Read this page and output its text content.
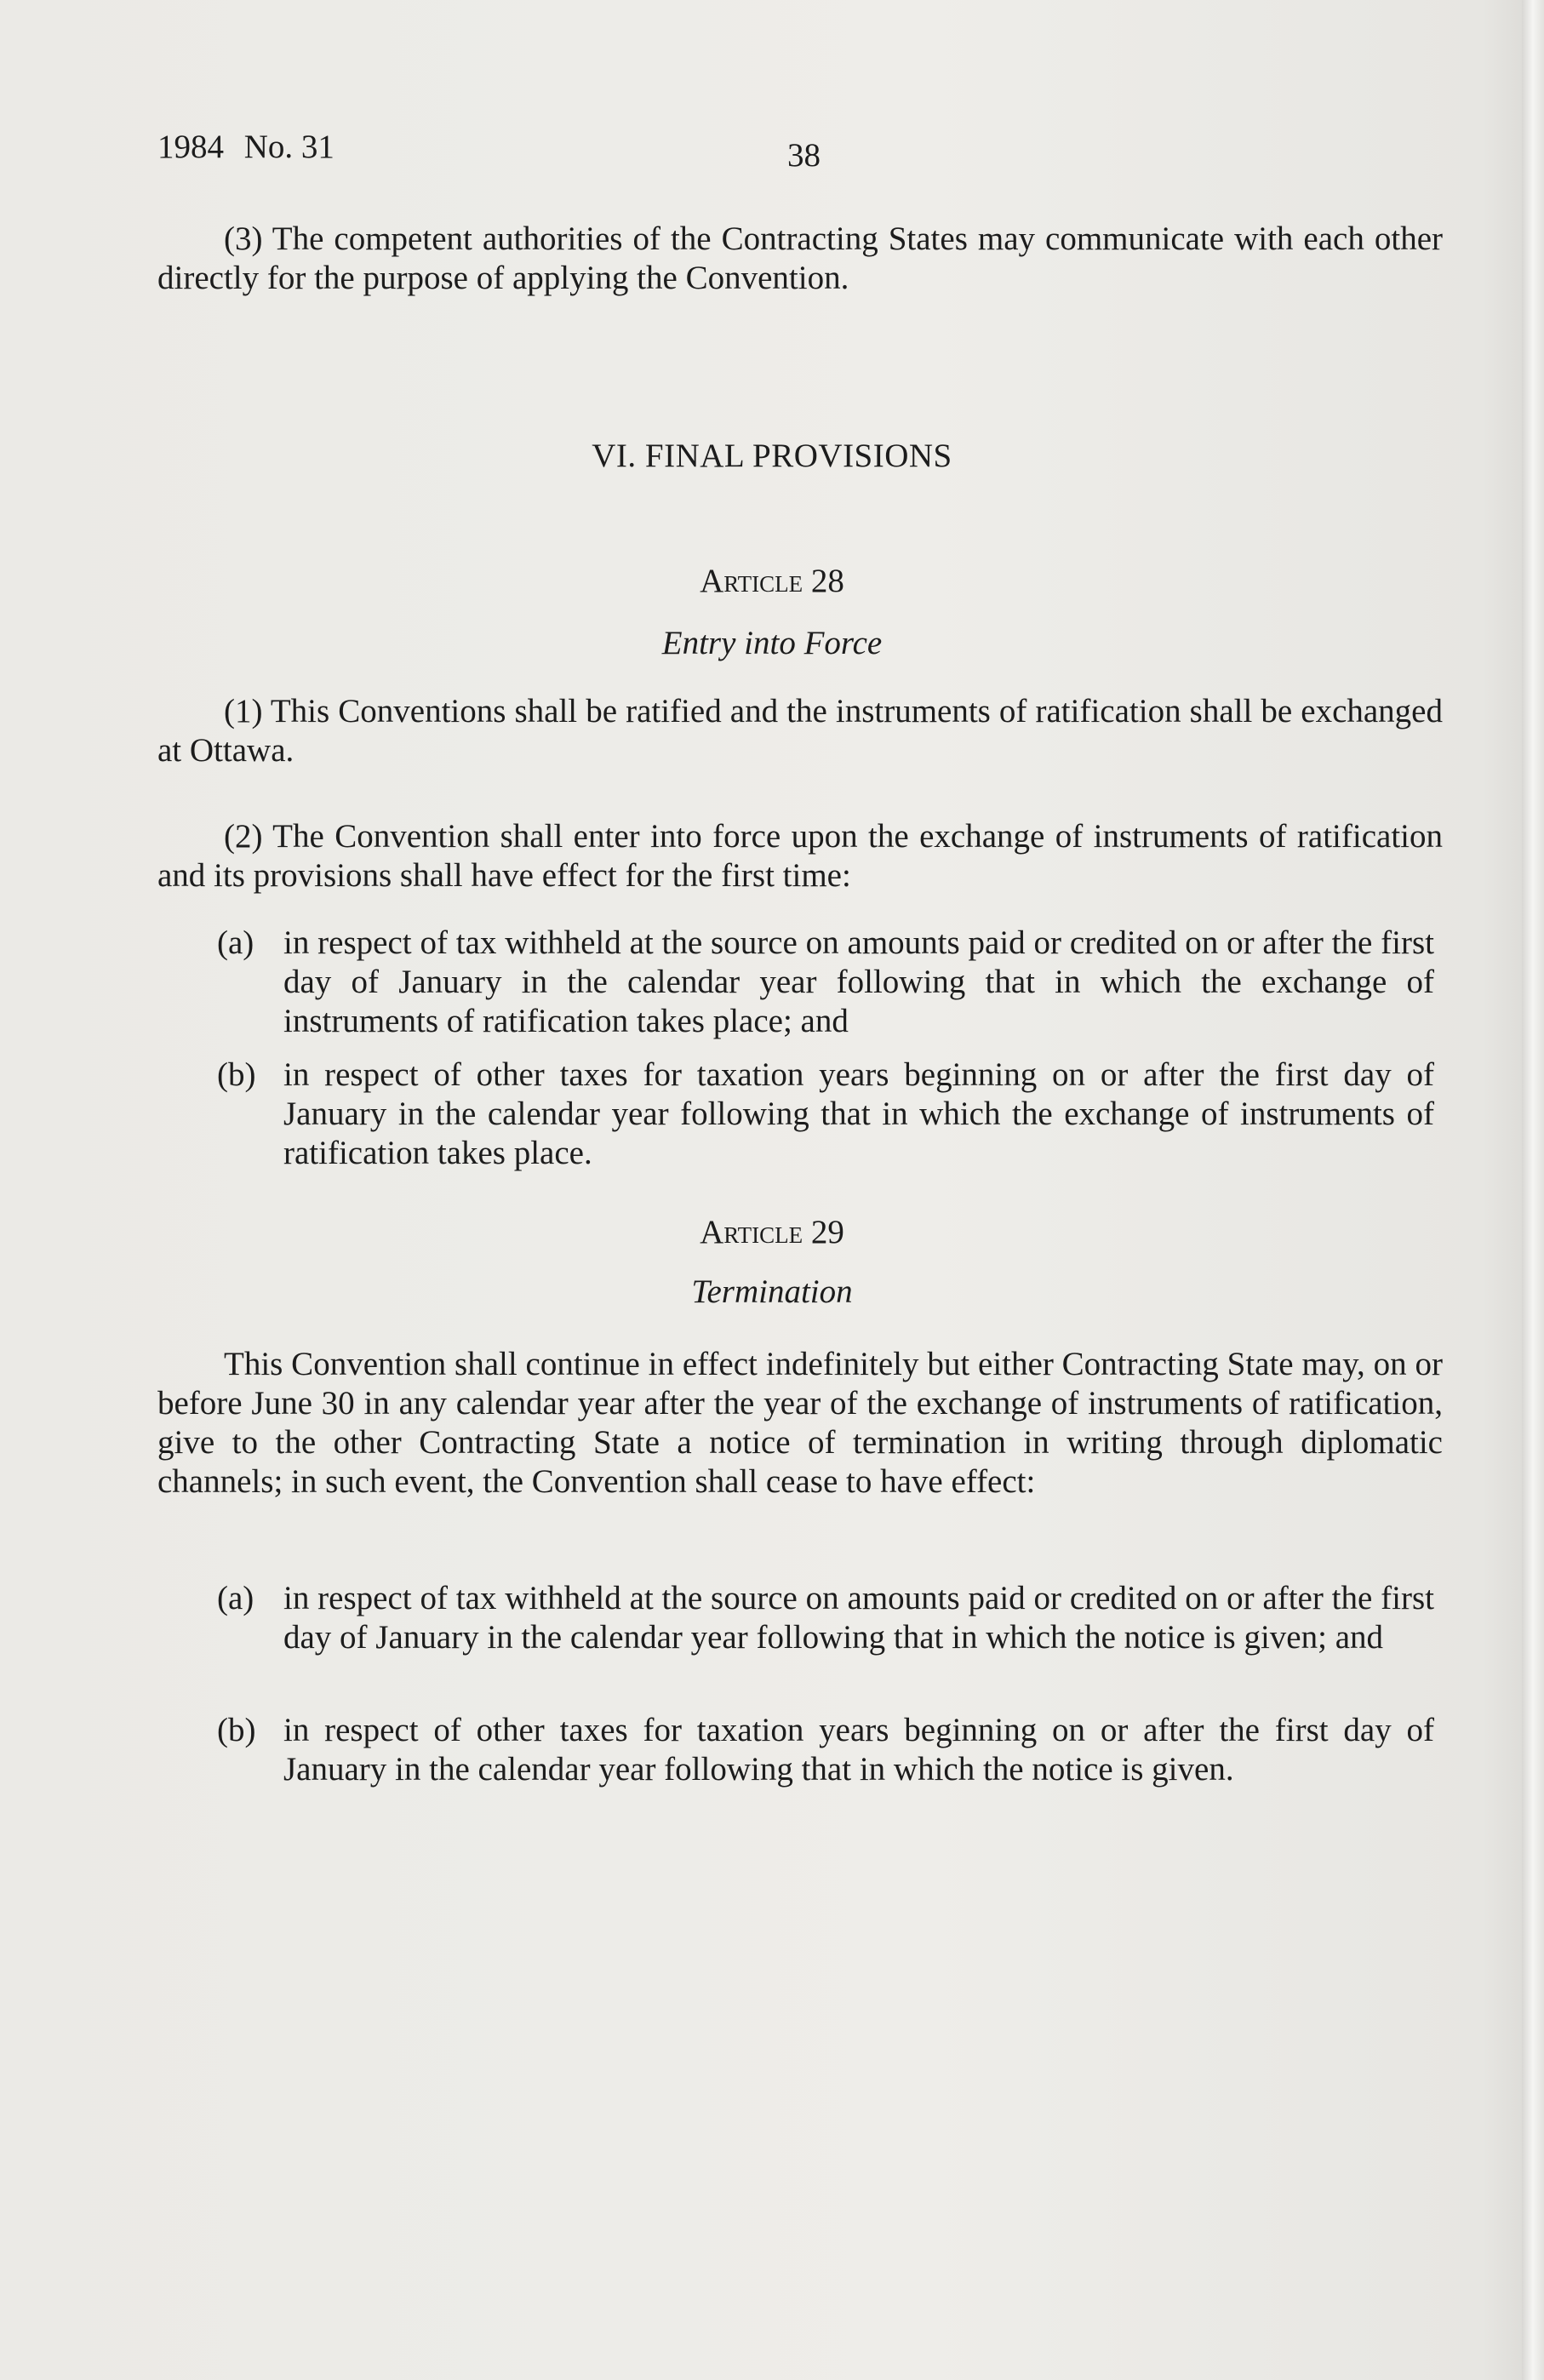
1984 No. 31	38

(3) The competent authorities of the Contracting States may communicate with each other directly for the purpose of applying the Convention.

VI. FINAL PROVISIONS
Article 28
Entry into Force

(1) This Conventions shall be ratified and the instruments of ratification shall be exchanged at Ottawa.

(2) The Convention shall enter into force upon the exchange of instruments of ratification and its provisions shall have effect for the first time:

(a) in respect of tax withheld at the source on amounts paid or credited on or after the first day of January in the calendar year following that in which the exchange of instruments of ratification takes place; and
(b) in respect of other taxes for taxation years beginning on or after the first day of January in the calendar year following that in which the exchange of instruments of ratification takes place.
Article 29
Termination

This Convention shall continue in effect indefinitely but either Contracting State may, on or before June 30 in any calendar year after the year of the exchange of instruments of ratification, give to the other Contracting State a notice of termination in writing through diplomatic channels; in such event, the Convention shall cease to have effect:

(a) in respect of tax withheld at the source on amounts paid or credited on or after the first day of January in the calendar year following that in which the notice is given; and
(b) in respect of other taxes for taxation years beginning on or after the first day of January in the calendar year following that in which the notice is given.
